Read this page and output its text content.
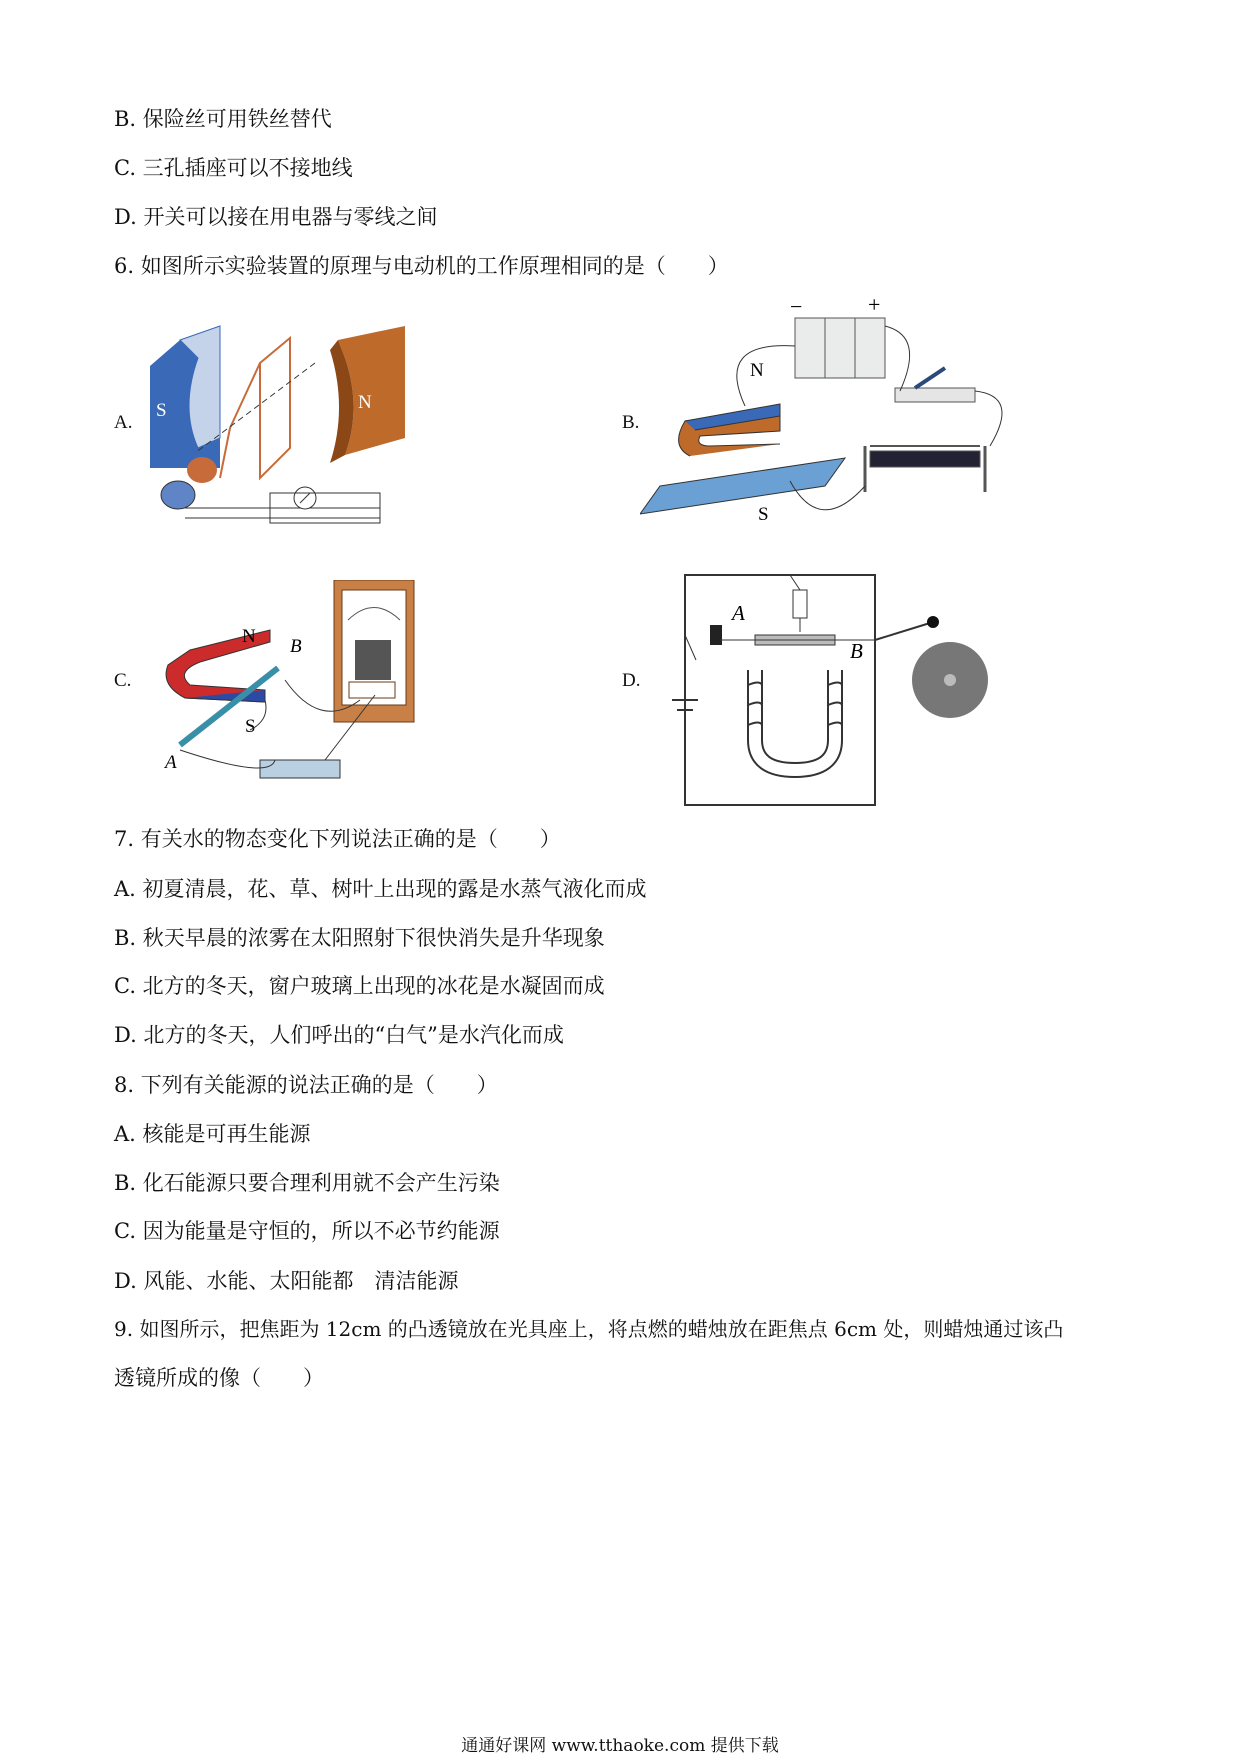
B. 保险丝可用铁丝替代
C. 三孔插座可以不接地线
D. 开关可以接在用电器与零线之间
6. 如图所示实验装置的原理与电动机的工作原理相同的是（　　）
A.	B.
C.	D.
S	N
−	+
N
S
N
S
A
B
A
B
7. 有关水的物态变化下列说法正确的是（　　）
A. 初夏清晨，花、草、树叶上出现的露是水蒸气液化而成
B. 秋天早晨的浓雾在太阳照射下很快消失是升华现象
C. 北方的冬天，窗户玻璃上出现的冰花是水凝固而成
D. 北方的冬天，人们呼出的“白气”是水汽化而成
8. 下列有关能源的说法正确的是（　　）
A. 核能是可再生能源
B. 化石能源只要合理利用就不会产生污染
C. 因为能量是守恒的，所以不必节约能源
D. 风能、水能、太阳能都　清洁能源
9. 如图所示，把焦距为 12cm 的凸透镜放在光具座上，将点燃的蜡烛放在距焦点 6cm 处，则蜡烛通过该凸
透镜所成的像（　　）
通通好课网 www.tthaoke.com 提供下载
